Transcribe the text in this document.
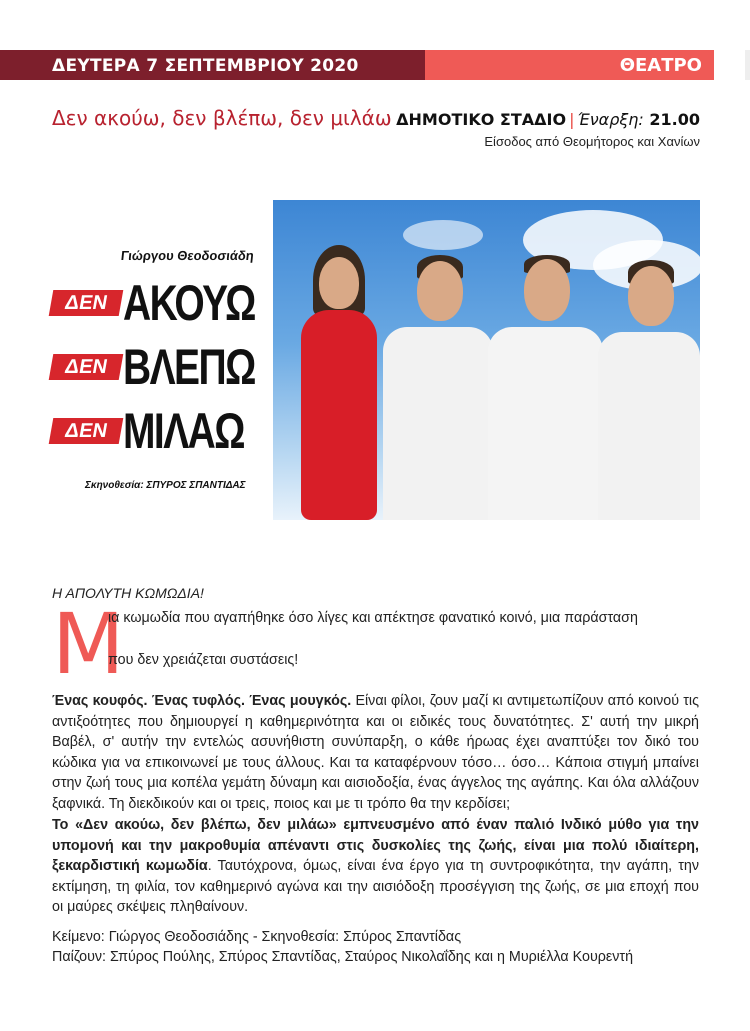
ΔΕΥΤΕΡΑ 7 ΣΕΠΤΕΜΒΡΙΟΥ 2020	ΘΕΑΤΡΟ
Δεν ακούω, δεν βλέπω, δεν μιλάω ΔΗΜΟΤΙΚΟ ΣΤΑΔΙΟ | Έναρξη: 21.00
Είσοδος από Θεομήτορος και Χανίων
Γιώργου Θεοδοσιάδη
ΔΕΝ ΑΚΟΥΩ
ΔΕΝ ΒΛΕΠΩ
ΔΕΝ ΜΙΛΑΩ
Σκηνοθεσία: ΣΠΥΡΟΣ ΣΠΑΝΤΙΔΑΣ
Η ΑΠΟΛΥΤΗ ΚΩΜΩΔΙΑ!
Μ
ια κωμωδία που αγαπήθηκε όσο λίγες και απέκτησε φανατικό κοινό, μια παράσταση
που δεν χρειάζεται συστάσεις!
Ένας κουφός. Ένας τυφλός. Ένας μουγκός. Είναι φίλοι, ζουν μαζί κι αντιμετωπίζουν από κοινού τις αντιξοότητες που δημιουργεί η καθημερινότητα και οι ειδικές τους δυνατότητες. Σ' αυτή την μικρή Βαβέλ, σ' αυτήν την εντελώς ασυνήθιστη συνύπαρξη, ο κάθε ήρωας έχει αναπτύξει τον δικό του κώδικα για να επικοινωνεί με τους άλλους. Και τα καταφέρνουν τόσο… όσο… Κάποια στιγμή μπαίνει στην ζωή τους μια κοπέλα γεμάτη δύναμη και αισιοδοξία, ένας άγγελος της αγάπης. Και όλα αλλάζουν ξαφνικά. Τη διεκδικούν και οι τρεις, ποιος και με τι τρόπο θα την κερδίσει;
Το «Δεν ακούω, δεν βλέπω, δεν μιλάω» εμπνευσμένο από έναν παλιό Ινδικό μύθο για την υπομονή και την μακροθυμία απέναντι στις δυσκολίες της ζωής, είναι μια πολύ ιδιαίτερη, ξεκαρδιστική κωμωδία. Ταυτόχρονα, όμως, είναι ένα έργο για τη συντροφικότητα, την αγάπη, την εκτίμηση, τη φιλία, τον καθημερινό αγώνα και την αισιόδοξη προσέγγιση της ζωής, σε μια εποχή που οι μαύρες σκέψεις πληθαίνουν.
Κείμενο: Γιώργος Θεοδοσιάδης - Σκηνοθεσία: Σπύρος Σπαντίδας
Παίζουν: Σπύρος Πούλης, Σπύρος Σπαντίδας, Σταύρος Νικολαΐδης και η Μυριέλλα Κουρεντή
